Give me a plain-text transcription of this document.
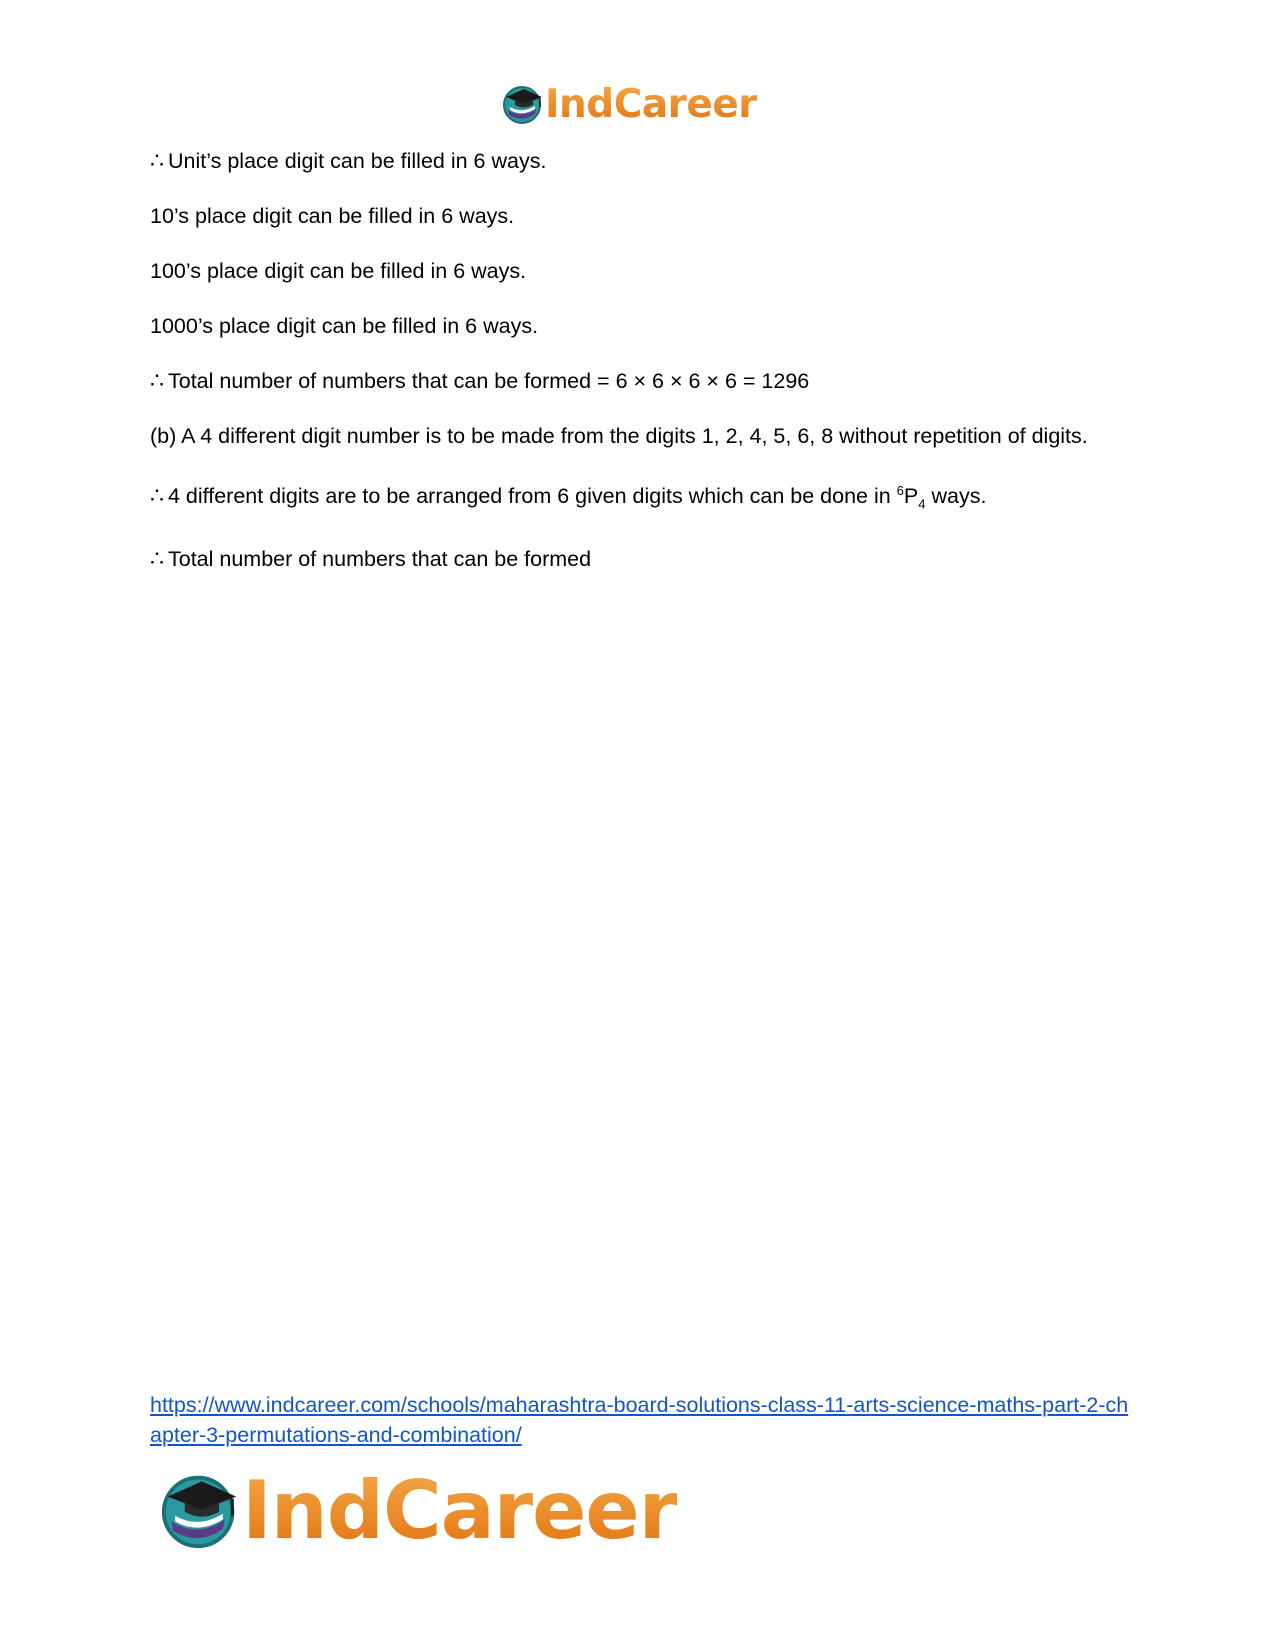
IndCareer

∴ Unit’s place digit can be filled in 6 ways.

10’s place digit can be filled in 6 ways.

100’s place digit can be filled in 6 ways.

1000’s place digit can be filled in 6 ways.

∴ Total number of numbers that can be formed = 6 × 6 × 6 × 6 = 1296

(b) A 4 different digit number is to be made from the digits 1, 2, 4, 5, 6, 8 without repetition of digits.

∴ 4 different digits are to be arranged from 6 given digits which can be done in $^6P_4$ ways.

∴ Total number of numbers that can be formed

https://www.indcareer.com/schools/maharashtra-board-solutions-class-11-arts-science-maths-part-2-chapter-3-permutations-and-combination/
IndCareer
